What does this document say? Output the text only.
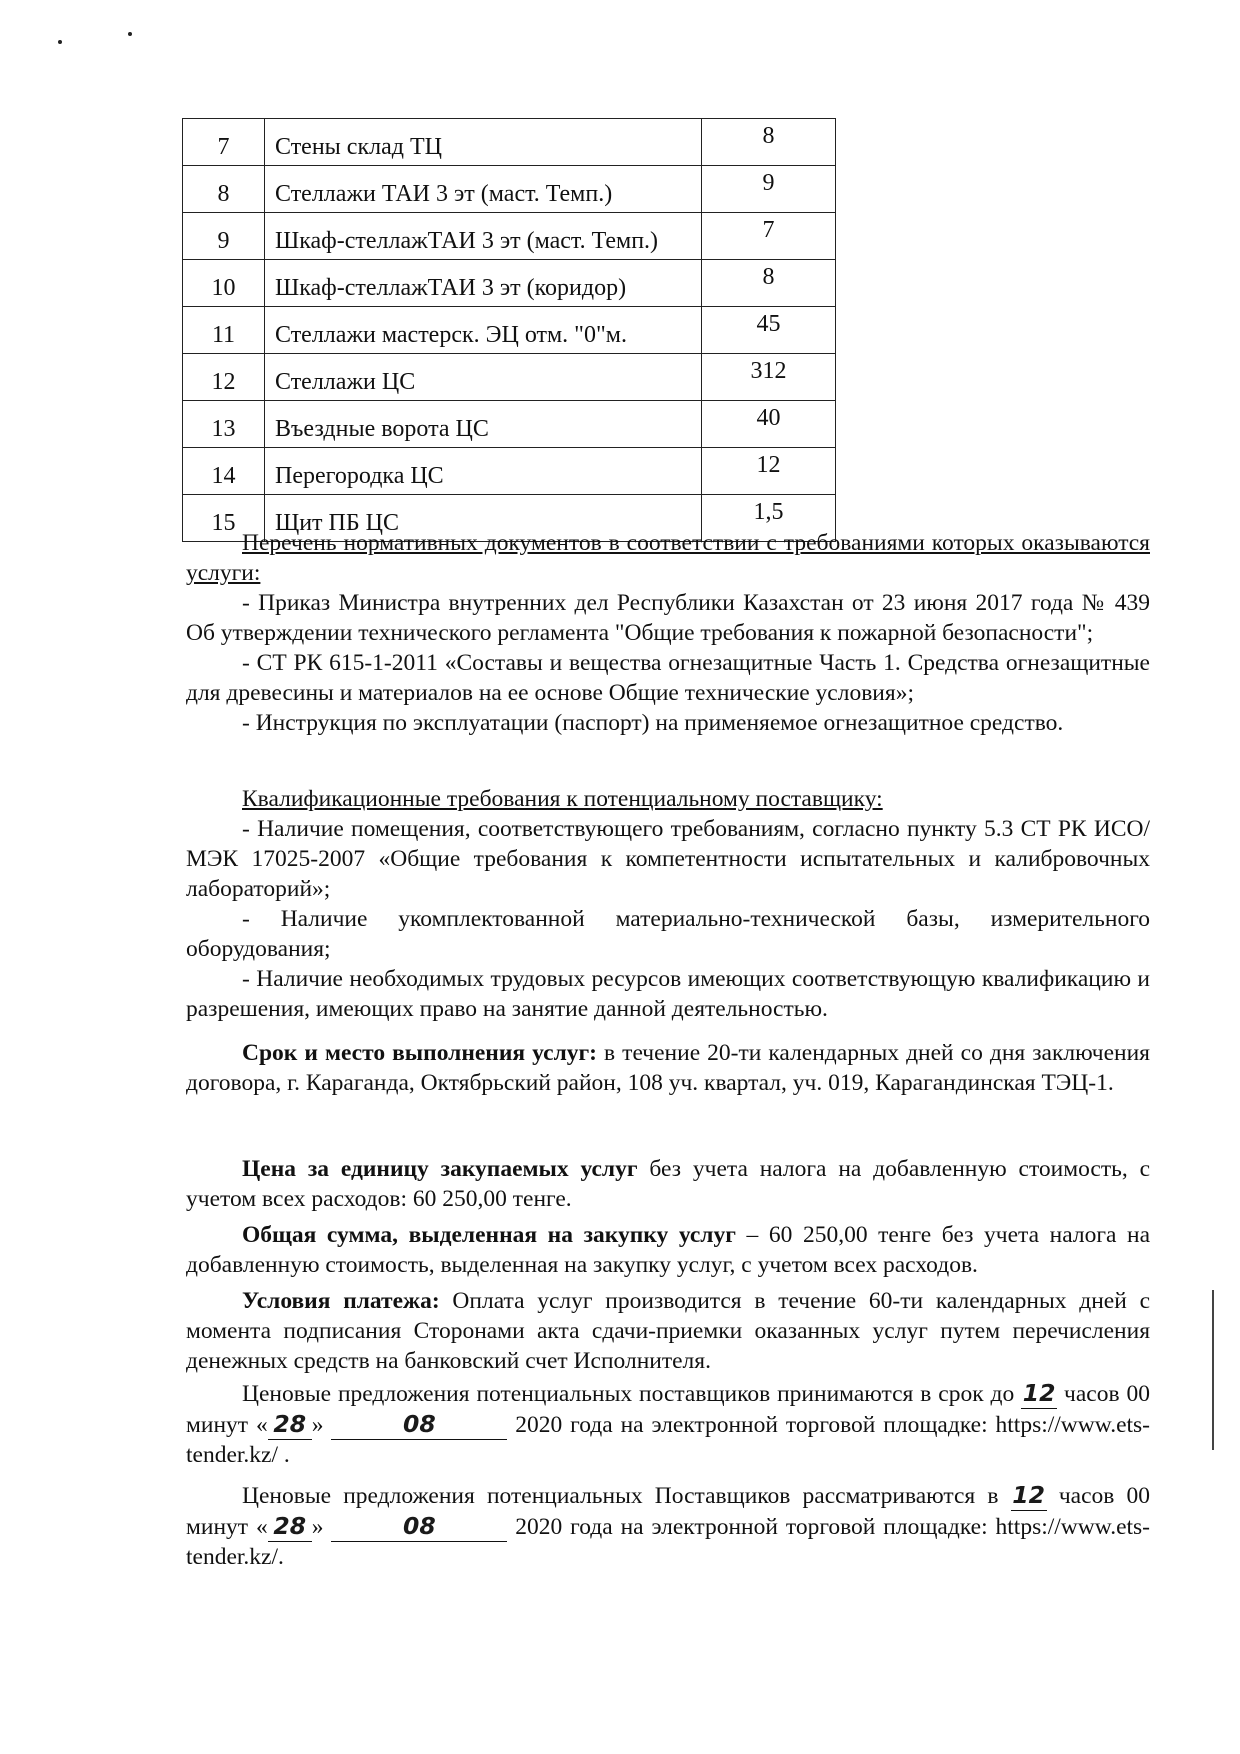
7	Стены склад ТЦ	8
8	Стеллажи ТАИ 3 эт (маст. Темп.)	9
9	Шкаф-стеллажТАИ 3 эт (маст. Темп.)	7
10	Шкаф-стеллажТАИ 3 эт (коридор)	8
11	Стеллажи мастерск. ЭЦ отм. "0"м.	45
12	Стеллажи ЦС	312
13	Въездные ворота ЦС	40
14	Перегородка ЦС	12
15	Щит ПБ ЦС	1,5

Перечень нормативных документов в соответствии с требованиями которых оказываются услуги:

- Приказ Министра внутренних дел Республики Казахстан от 23 июня 2017 года № 439 Об утверждении технического регламента "Общие требования к пожарной безопасности";

- СТ РК 615-1-2011 «Составы и вещества огнезащитные Часть 1. Средства огнезащитные для древесины и материалов на ее основе Общие технические условия»;

- Инструкция по эксплуатации (паспорт) на применяемое огнезащитное средство.

Квалификационные требования к потенциальному поставщику:

- Наличие помещения, соответствующего требованиям, согласно пункту 5.3 СТ РК ИСО/МЭК 17025-2007 «Общие требования к компетентности испытательных и калибровочных лабораторий»;

- Наличие укомплектованной материально-технической базы, измерительного оборудования;

- Наличие необходимых трудовых ресурсов имеющих соответствующую квалификацию и разрешения, имеющих право на занятие данной деятельностью.

Срок и место выполнения услуг: в течение 20-ти календарных дней со дня заключения договора, г. Караганда, Октябрьский район, 108 уч. квартал, уч. 019, Карагандинская ТЭЦ-1.

Цена за единицу закупаемых услуг без учета налога на добавленную стоимость, с учетом всех расходов: 60 250,00 тенге.

Общая сумма, выделенная на закупку услуг – 60 250,00 тенге без учета налога на добавленную стоимость, выделенная на закупку услуг, с учетом всех расходов.

Условия платежа: Оплата услуг производится в течение 60-ти календарных дней с момента подписания Сторонами акта сдачи-приемки оказанных услуг путем перечисления денежных средств на банковский счет Исполнителя.

Ценовые предложения потенциальных поставщиков принимаются в срок до 12 часов 00 минут « 28 »	08	2020 года на электронной торговой площадке: https://www.ets-tender.kz/ .

Ценовые предложения потенциальных Поставщиков рассматриваются в 12 часов 00 минут « 28 »	08	2020 года на электронной торговой площадке: https://www.ets-tender.kz/.
